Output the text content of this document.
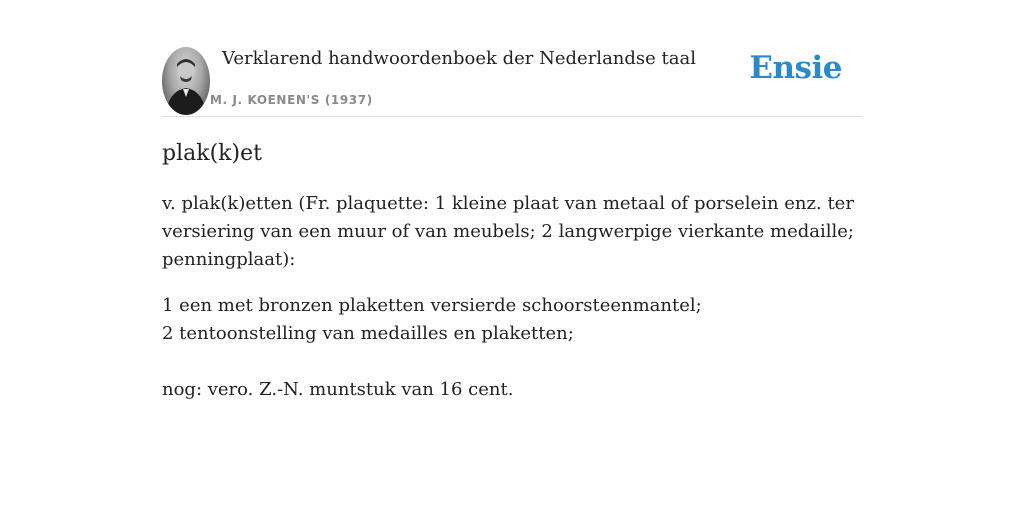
Verklarend handwoordenboek der Nederlandse taal
M. J. KOENEN'S (1937)
Ensie
plak(k)et

v. plak(k)etten (Fr. plaquette: 1 kleine plaat van metaal of porselein enz. ter versiering van een muur of van meubels; 2 langwerpige vierkante medaille; penningplaat):

1 een met bronzen plaketten versierde schoorsteenmantel;
2 tentoonstelling van medailles en plaketten;

nog: vero. Z.-N. muntstuk van 16 cent.
